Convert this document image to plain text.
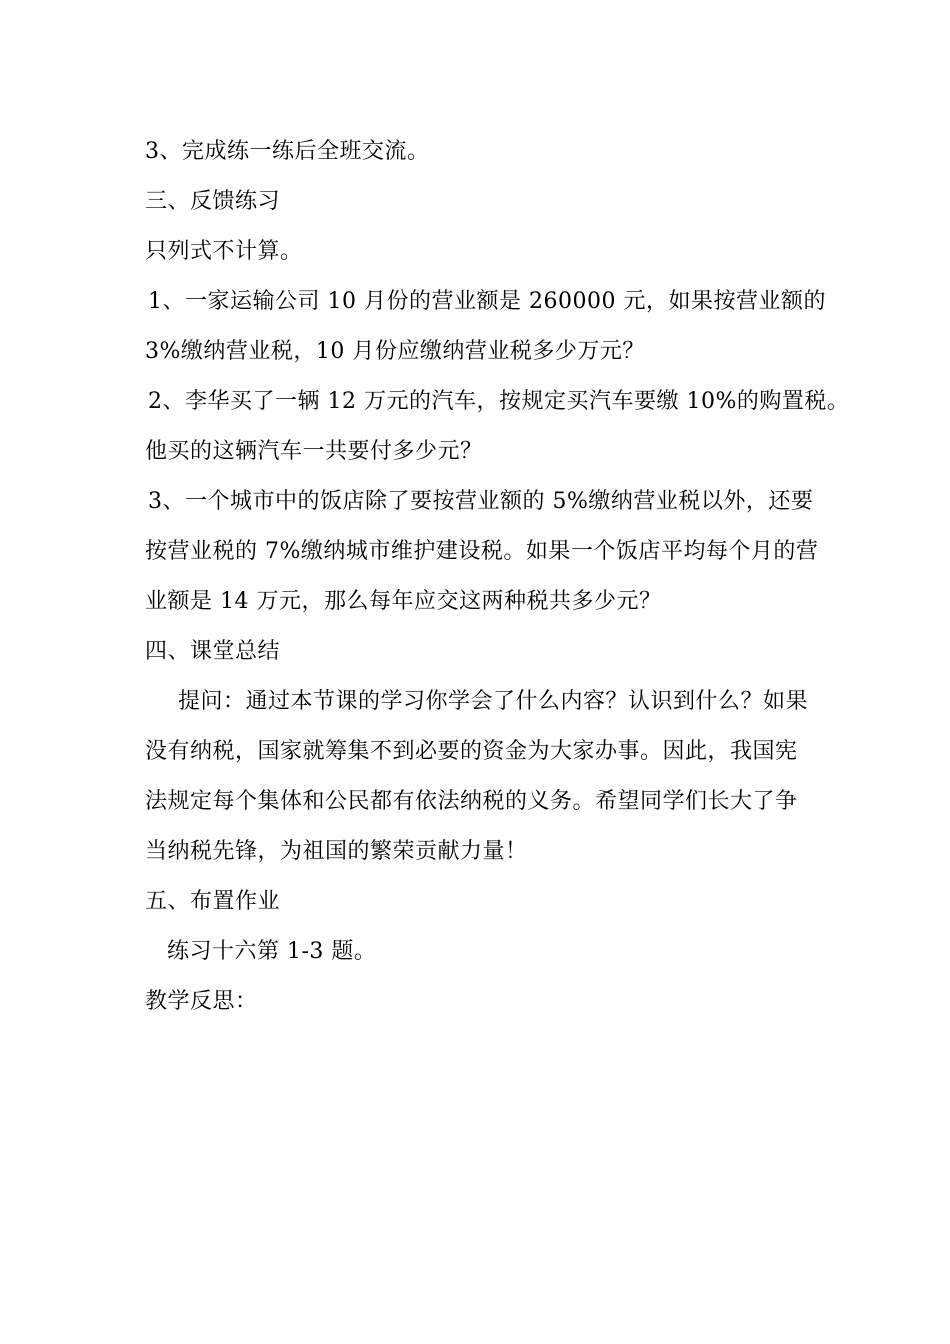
3、完成练一练后全班交流。
三、反馈练习
只列式不计算。
1、一家运输公司 10 月份的营业额是 260000 元，如果按营业额的
3%缴纳营业税，10 月份应缴纳营业税多少万元？
2、李华买了一辆 12 万元的汽车，按规定买汽车要缴 10%的购置税。
他买的这辆汽车一共要付多少元？
3、一个城市中的饭店除了要按营业额的 5%缴纳营业税以外，还要
按营业税的 7%缴纳城市维护建设税。如果一个饭店平均每个月的营
业额是 14 万元，那么每年应交这两种税共多少元？
四、课堂总结
提问：通过本节课的学习你学会了什么内容？认识到什么？如果
没有纳税，国家就筹集不到必要的资金为大家办事。因此，我国宪
法规定每个集体和公民都有依法纳税的义务。希望同学们长大了争
当纳税先锋，为祖国的繁荣贡献力量！
五、布置作业
练习十六第 1-3 题。
教学反思：
